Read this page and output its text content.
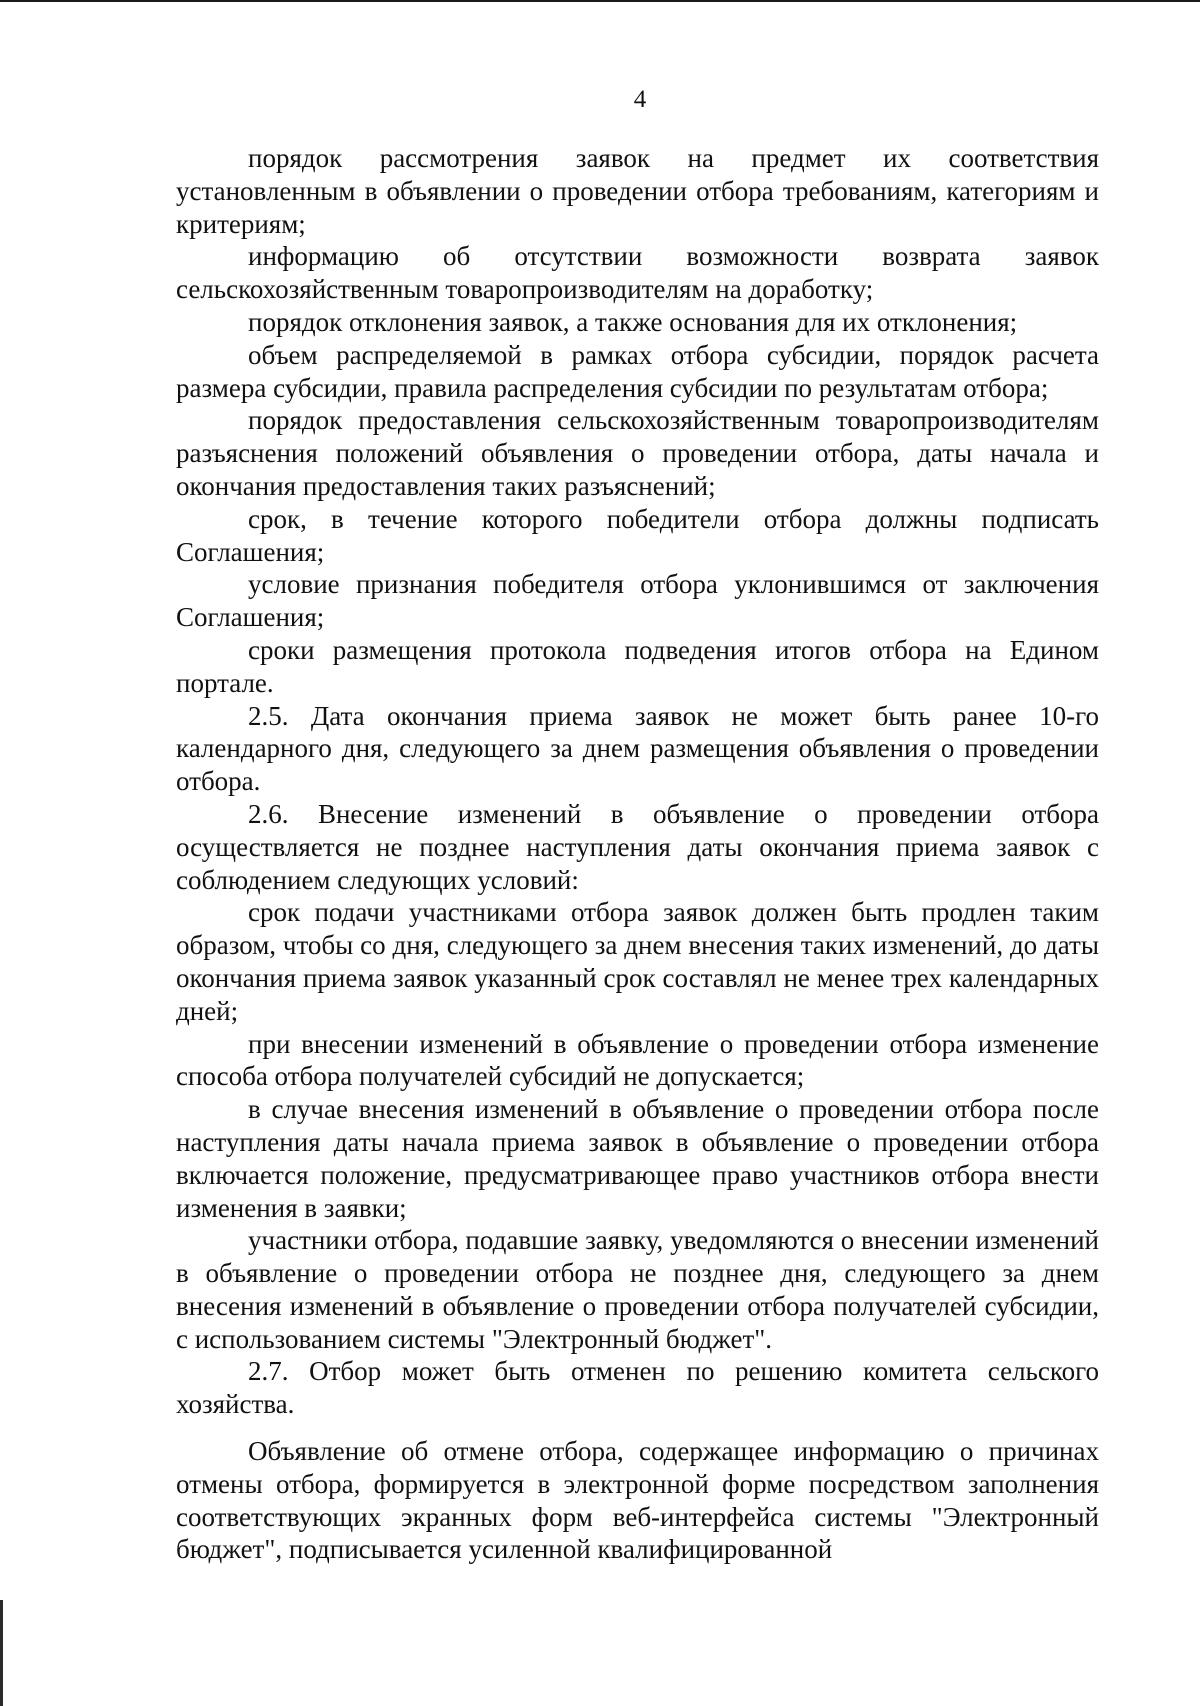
4

порядок рассмотрения заявок на предмет их соответствия установленным в объявлении о проведении отбора требованиям, категориям и критериям;

информацию об отсутствии возможности возврата заявок сельскохозяйственным товаропроизводителям на доработку;

порядок отклонения заявок, а также основания для их отклонения;

объем распределяемой в рамках отбора субсидии, порядок расчета размера субсидии, правила распределения субсидии по результатам отбора;

порядок предоставления сельскохозяйственным товаропроизводителям разъяснения положений объявления о проведении отбора, даты начала и окончания предоставления таких разъяснений;

срок, в течение которого победители отбора должны подписать Соглашения;

условие признания победителя отбора уклонившимся от заключения Соглашения;

сроки размещения протокола подведения итогов отбора на Едином портале.

2.5. Дата окончания приема заявок не может быть ранее 10-го календарного дня, следующего за днем размещения объявления о проведении отбора.

2.6. Внесение изменений в объявление о проведении отбора осуществляется не позднее наступления даты окончания приема заявок с соблюдением следующих условий:

срок подачи участниками отбора заявок должен быть продлен таким образом, чтобы со дня, следующего за днем внесения таких изменений, до даты окончания приема заявок указанный срок составлял не менее трех календарных дней;

при внесении изменений в объявление о проведении отбора изменение способа отбора получателей субсидий не допускается;

в случае внесения изменений в объявление о проведении отбора после наступления даты начала приема заявок в объявление о проведении отбора включается положение, предусматривающее право участников отбора внести изменения в заявки;

участники отбора, подавшие заявку, уведомляются о внесении изменений в объявление о проведении отбора не позднее дня, следующего за днем внесения изменений в объявление о проведении отбора получателей субсидии, с использованием системы "Электронный бюджет".

2.7. Отбор может быть отменен по решению комитета сельского хозяйства.

Объявление об отмене отбора, содержащее информацию о причинах отмены отбора, формируется в электронной форме посредством заполнения соответствующих экранных форм веб-интерфейса системы "Электронный бюджет", подписывается усиленной квалифицированной
